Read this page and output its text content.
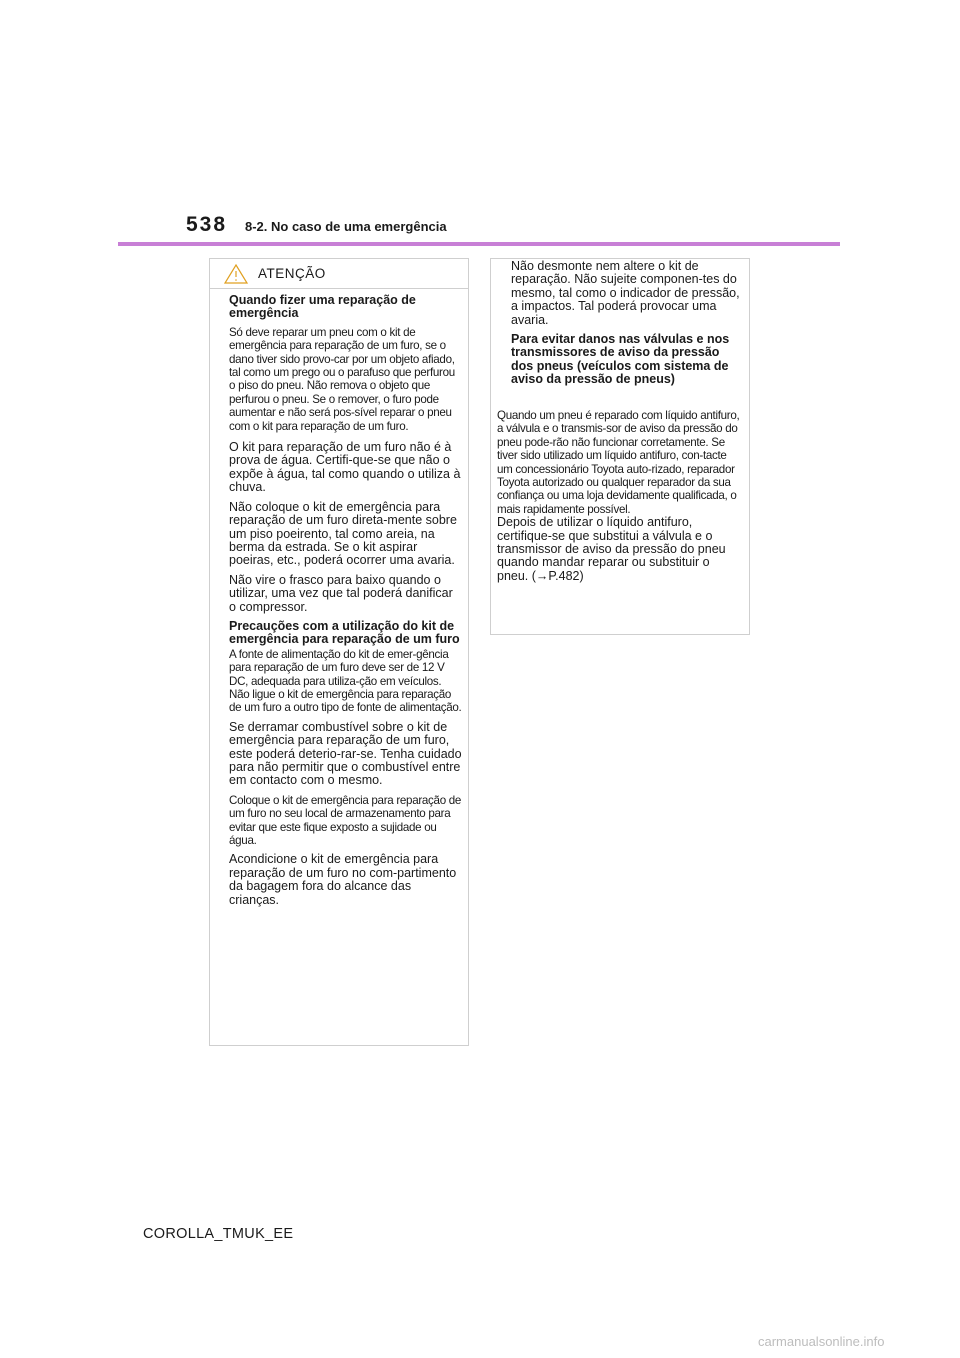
538 8-2. No caso de uma emergência
ATENÇÃO

Quando fizer uma reparação de emergência

Só deve reparar um pneu com o kit de emergência para reparação de um furo, se o dano tiver sido provo-car por um objeto afiado, tal como um prego ou o parafuso que perfurou o piso do pneu. Não remova o objeto que perfurou o pneu. Se o remover, o furo pode aumentar e não será pos-sível reparar o pneu com o kit para reparação de um furo.

O kit para reparação de um furo não é à prova de água. Certifi-que-se que não o expõe à água, tal como quando o utiliza à chuva.

Não coloque o kit de emergência para reparação de um furo direta-mente sobre um piso poeirento, tal como areia, na berma da estrada. Se o kit aspirar poeiras, etc., poderá ocorrer uma avaria.

Não vire o frasco para baixo quando o utilizar, uma vez que tal poderá danificar o compressor.

Precauções com a utilização do kit de emergência para reparação de um furo

A fonte de alimentação do kit de emer-gência para reparação de um furo deve ser de 12 V DC, adequada para utiliza-ção em veículos. Não ligue o kit de emergência para reparação de um furo a outro tipo de fonte de alimentação.

Se derramar combustível sobre o kit de emergência para reparação de um furo, este poderá deterio-rar-se. Tenha cuidado para não permitir que o combustível entre em contacto com o mesmo.

Coloque o kit de emergência para reparação de um furo no seu local de armazenamento para evitar que este fique exposto a sujidade ou água.

Acondicione o kit de emergência para reparação de um furo no com-partimento da bagagem fora do alcance das crianças.

Não desmonte nem altere o kit de reparação. Não sujeite componen-tes do mesmo, tal como o indicador de pressão, a impactos. Tal poderá provocar uma avaria.

Para evitar danos nas válvulas e nos transmissores de aviso da pressão dos pneus (veículos com sistema de aviso da pressão de pneus)

Quando um pneu é reparado com líquido antifuro, a válvula e o transmis-sor de aviso da pressão do pneu pode-rão não funcionar corretamente. Se tiver sido utilizado um líquido antifuro, con-tacte um concessionário Toyota auto-rizado, reparador Toyota autorizado ou qualquer reparador da sua confiança ou uma loja devidamente qualificada, o mais rapidamente possível.

Depois de utilizar o líquido antifuro, certifique-se que substitui a válvula e o transmissor de aviso da pressão do pneu quando mandar reparar ou substituir o pneu. (→P.482)

COROLLA_TMUK_EE
carmanualsonline.info
